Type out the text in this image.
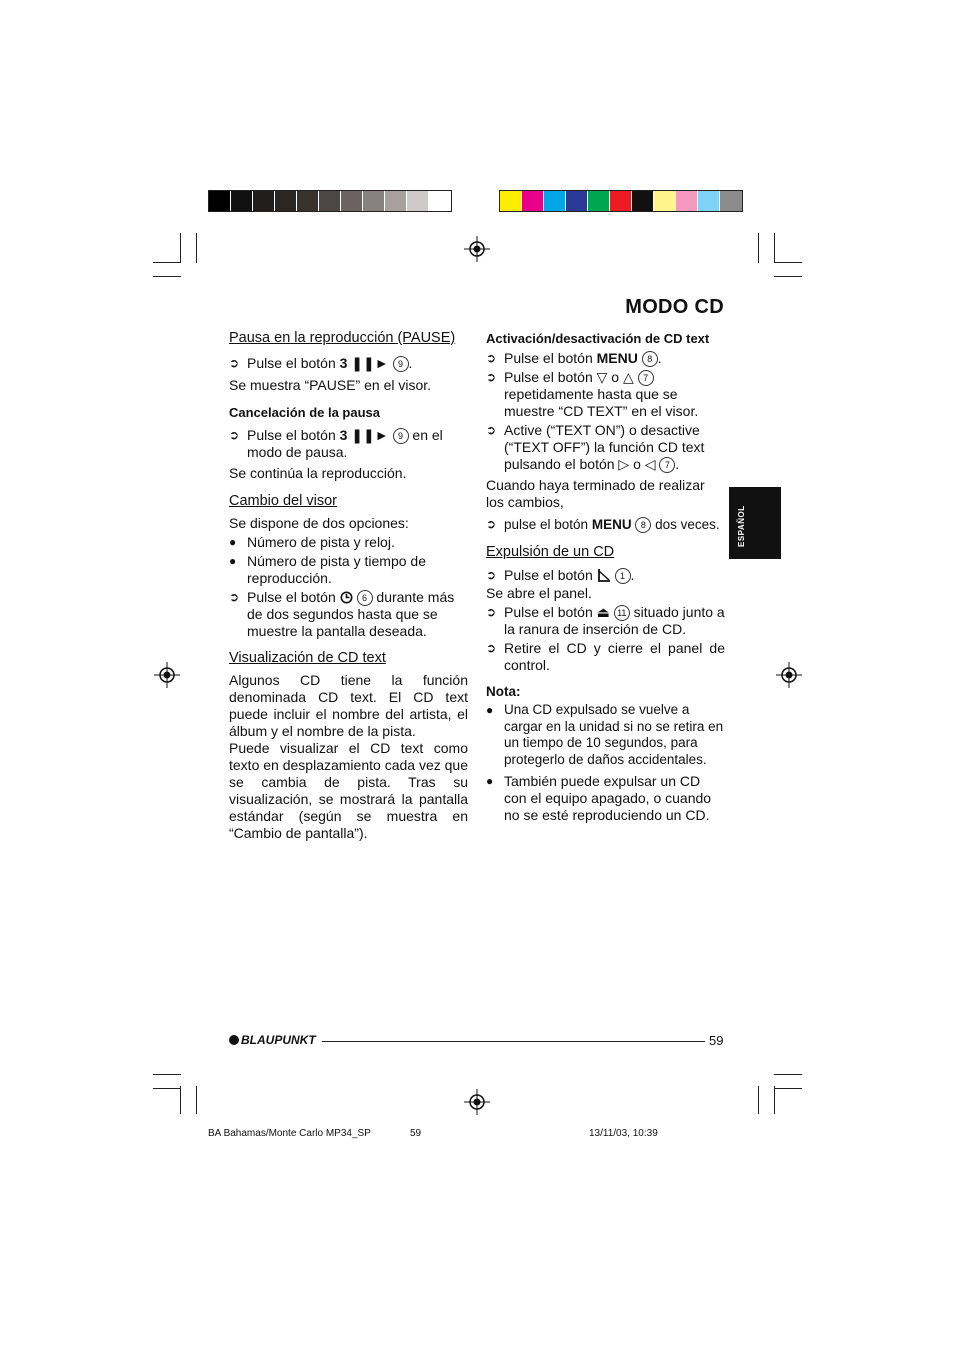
MODO CD

Pausa en la reproducción (PAUSE)

➲ Pulse el botón 3 ❚❚► 9 .

Se muestra “PAUSE” en el visor.

Cancelación de la pausa

➲ Pulse el botón 3 ❚❚► 9 en el modo de pausa.

Se continúa la reproducción.

Cambio del visor

Se dispone de dos opciones:

● Número de pista y reloj.

● Número de pista y tiempo de reproducción.

➲ Pulse el botón  6 durante más de dos segundos hasta que se muestre la pantalla deseada.

Visualización de CD text

Algunos CD tiene la función denominada CD text. El CD text puede incluir el nombre del artista, el álbum y el nombre de la pista.

Puede visualizar el CD text como texto en desplazamiento cada vez que se cambia de pista. Tras su visualización, se mostrará la pantalla estándar (según se muestra en “Cambio de pantalla”).

Activación/desactivación de CD text

➲ Pulse el botón MENU 8 .

➲ Pulse el botón ▽ o △ 7 repetidamente hasta que se muestre “CD TEXT” en el visor.

➲ Active (“TEXT ON”) o desactive (“TEXT OFF”) la función CD text pulsando el botón ▷ o ◁ 7 .

Cuando haya terminado de realizar los cambios,

➲ pulse el botón MENU 8 dos veces.

Expulsión de un CD

➲ Pulse el botón	1 .

Se abre el panel.

➲ Pulse el botón ⏏ 11 situado junto a la ranura de inserción de CD.

➲ Retire el CD y cierre el panel de control.

Nota:

● Una CD expulsado se vuelve a cargar en la unidad si no se retira en un tiempo de 10 segundos, para protegerlo de daños accidentales.

● También puede expulsar un CD con el equipo apagado, o cuando no se esté reproduciendo un CD.

ESPAÑOL
BLAUPUNKT	59
BA Bahamas/Monte Carlo MP34_SP	59	13/11/03, 10:39
